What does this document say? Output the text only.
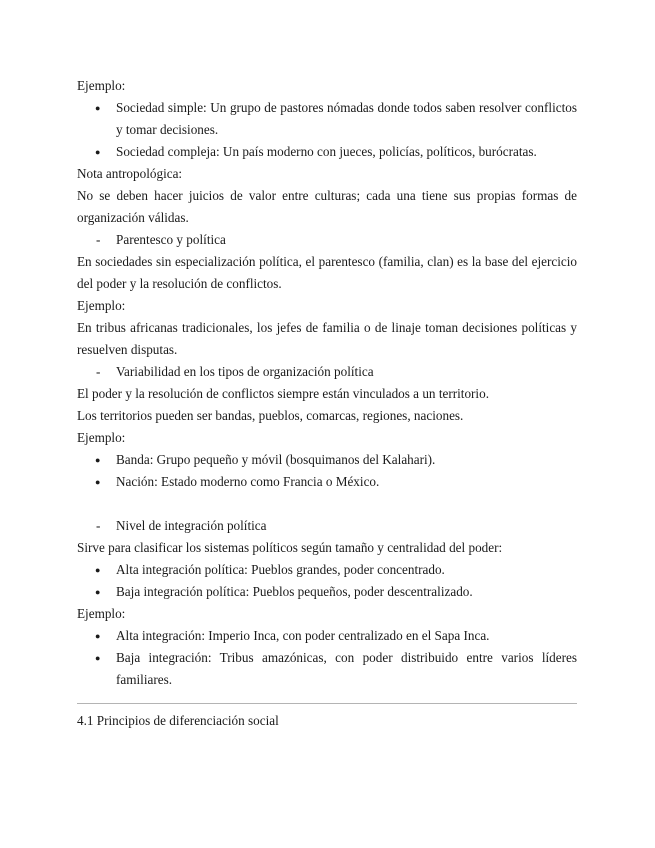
Ejemplo:

● Sociedad simple: Un grupo de pastores nómadas donde todos saben resolver conflictos y tomar decisiones.
● Sociedad compleja: Un país moderno con jueces, policías, políticos, burócratas.

Nota antropológica:

No se deben hacer juicios de valor entre culturas; cada una tiene sus propias formas de organización válidas.

- Parentesco y política

En sociedades sin especialización política, el parentesco (familia, clan) es la base del ejercicio del poder y la resolución de conflictos.

Ejemplo:

En tribus africanas tradicionales, los jefes de familia o de linaje toman decisiones políticas y resuelven disputas.

- Variabilidad en los tipos de organización política

El poder y la resolución de conflictos siempre están vinculados a un territorio.

Los territorios pueden ser bandas, pueblos, comarcas, regiones, naciones.

Ejemplo:

● Banda: Grupo pequeño y móvil (bosquimanos del Kalahari).
● Nación: Estado moderno como Francia o México.
- Nivel de integración política

Sirve para clasificar los sistemas políticos según tamaño y centralidad del poder:

● Alta integración política: Pueblos grandes, poder concentrado.
● Baja integración política: Pueblos pequeños, poder descentralizado.

Ejemplo:

● Alta integración: Imperio Inca, con poder centralizado en el Sapa Inca.
● Baja integración: Tribus amazónicas, con poder distribuido entre varios líderes familiares.

4.1 Principios de diferenciación social
